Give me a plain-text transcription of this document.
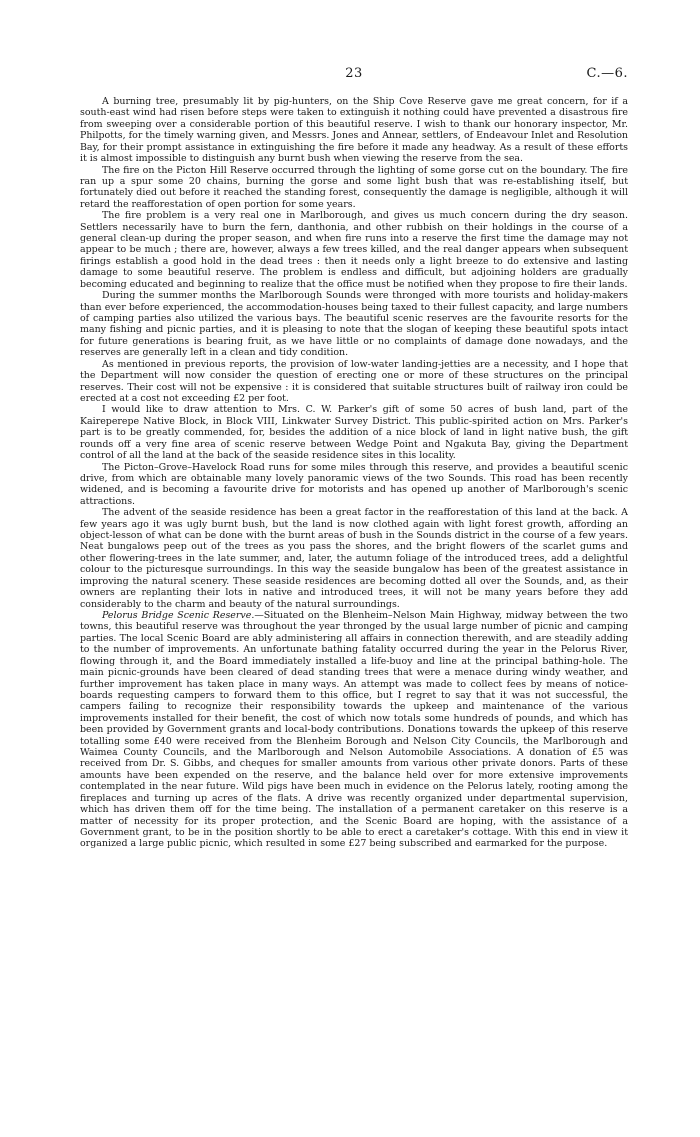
23	C.—6.

A burning tree, presumably lit by pig-hunters, on the Ship Cove Reserve gave me great concern, for if a south-east wind had risen before steps were taken to extinguish it nothing could have prevented a disastrous fire from sweeping over a considerable portion of this beautiful reserve. I wish to thank our honorary inspector, Mr. Philpotts, for the timely warning given, and Messrs. Jones and Annear, settlers, of Endeavour Inlet and Resolution Bay, for their prompt assistance in extinguishing the fire before it made any headway. As a result of these efforts it is almost impossible to distinguish any burnt bush when viewing the reserve from the sea.

The fire on the Picton Hill Reserve occurred through the lighting of some gorse cut on the boundary. The fire ran up a spur some 20 chains, burning the gorse and some light bush that was re-establishing itself, but fortunately died out before it reached the standing forest, consequently the damage is negligible, although it will retard the reafforestation of open portion for some years.

The fire problem is a very real one in Marlborough, and gives us much concern during the dry season. Settlers necessarily have to burn the fern, danthonia, and other rubbish on their holdings in the course of a general clean-up during the proper season, and when fire runs into a reserve the first time the damage may not appear to be much ; there are, however, always a few trees killed, and the real danger appears when subsequent firings establish a good hold in the dead trees : then it needs only a light breeze to do extensive and lasting damage to some beautiful reserve. The problem is endless and difficult, but adjoining holders are gradually becoming educated and beginning to realize that the office must be notified when they propose to fire their lands.

During the summer months the Marlborough Sounds were thronged with more tourists and holiday-makers than ever before experienced, the accommodation-houses being taxed to their fullest capacity, and large numbers of camping parties also utilized the various bays. The beautiful scenic reserves are the favourite resorts for the many fishing and picnic parties, and it is pleasing to note that the slogan of keeping these beautiful spots intact for future generations is bearing fruit, as we have little or no complaints of damage done nowadays, and the reserves are generally left in a clean and tidy condition.

As mentioned in previous reports, the provision of low-water landing-jetties are a necessity, and I hope that the Department will now consider the question of erecting one or more of these structures on the principal reserves. Their cost will not be expensive : it is considered that suitable structures built of railway iron could be erected at a cost not exceeding £2 per foot.

I would like to draw attention to Mrs. C. W. Parker's gift of some 50 acres of bush land, part of the Kaireperepe Native Block, in Block VIII, Linkwater Survey District. This public-spirited action on Mrs. Parker's part is to be greatly commended, for, besides the addition of a nice block of land in light native bush, the gift rounds off a very fine area of scenic reserve between Wedge Point and Ngakuta Bay, giving the Department control of all the land at the back of the seaside residence sites in this locality.

The Picton–Grove–Havelock Road runs for some miles through this reserve, and provides a beautiful scenic drive, from which are obtainable many lovely panoramic views of the two Sounds. This road has been recently widened, and is becoming a favourite drive for motorists and has opened up another of Marlborough's scenic attractions.

The advent of the seaside residence has been a great factor in the reafforestation of this land at the back. A few years ago it was ugly burnt bush, but the land is now clothed again with light forest growth, affording an object-lesson of what can be done with the burnt areas of bush in the Sounds district in the course of a few years. Neat bungalows peep out of the trees as you pass the shores, and the bright flowers of the scarlet gums and other flowering-trees in the late summer, and, later, the autumn foliage of the introduced trees, add a delightful colour to the picturesque surroundings. In this way the seaside bungalow has been of the greatest assistance in improving the natural scenery. These seaside residences are becoming dotted all over the Sounds, and, as their owners are replanting their lots in native and introduced trees, it will not be many years before they add considerably to the charm and beauty of the natural surroundings.

Pelorus Bridge Scenic Reserve.—Situated on the Blenheim–Nelson Main Highway, midway between the two towns, this beautiful reserve was throughout the year thronged by the usual large number of picnic and camping parties. The local Scenic Board are ably administering all affairs in connection therewith, and are steadily adding to the number of improvements. An unfortunate bathing fatality occurred during the year in the Pelorus River, flowing through it, and the Board immediately installed a life-buoy and line at the principal bathing-hole. The main picnic-grounds have been cleared of dead standing trees that were a menace during windy weather, and further improvement has taken place in many ways. An attempt was made to collect fees by means of notice-boards requesting campers to forward them to this office, but I regret to say that it was not successful, the campers failing to recognize their responsibility towards the upkeep and maintenance of the various improvements installed for their benefit, the cost of which now totals some hundreds of pounds, and which has been provided by Government grants and local-body contributions. Donations towards the upkeep of this reserve totalling some £40 were received from the Blenheim Borough and Nelson City Councils, the Marlborough and Waimea County Councils, and the Marlborough and Nelson Automobile Associations. A donation of £5 was received from Dr. S. Gibbs, and cheques for smaller amounts from various other private donors. Parts of these amounts have been expended on the reserve, and the balance held over for more extensive improvements contemplated in the near future. Wild pigs have been much in evidence on the Pelorus lately, rooting among the fireplaces and turning up acres of the flats. A drive was recently organized under departmental supervision, which has driven them off for the time being. The installation of a permanent caretaker on this reserve is a matter of necessity for its proper protection, and the Scenic Board are hoping, with the assistance of a Government grant, to be in the position shortly to be able to erect a caretaker's cottage. With this end in view it organized a large public picnic, which resulted in some £27 being subscribed and earmarked for the purpose.
